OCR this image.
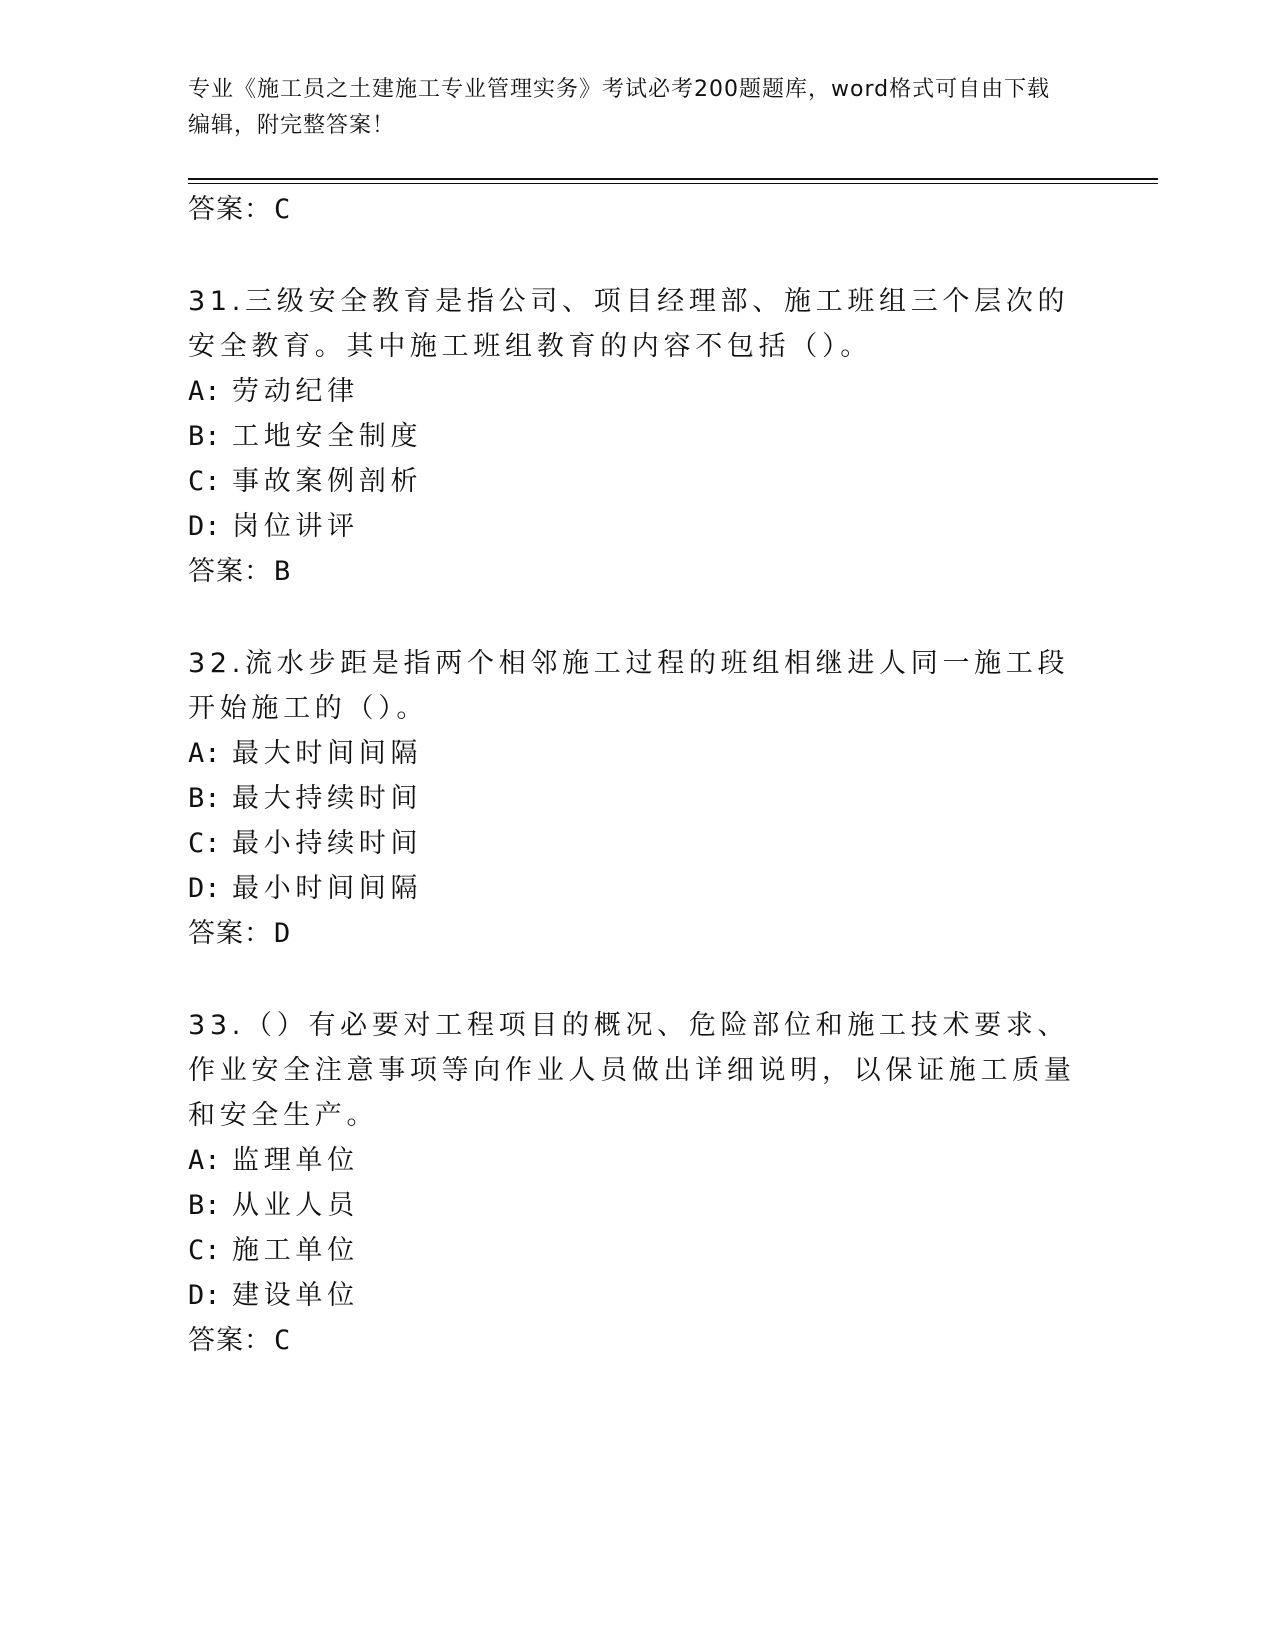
专业《施工员之土建施工专业管理实务》考试必考200题题库，word格式可自由下载编辑，附完整答案！
答案：C
31.三级安全教育是指公司、项目经理部、施工班组三个层次的安全教育。其中施工班组教育的内容不包括（）。
A: 劳动纪律
B: 工地安全制度
C: 事故案例剖析
D: 岗位讲评
答案：B
32.流水步距是指两个相邻施工过程的班组相继进人同一施工段开始施工的（）。
A: 最大时间间隔
B: 最大持续时间
C: 最小持续时间
D: 最小时间间隔
答案：D
33.（）有必要对工程项目的概况、危险部位和施工技术要求、作业安全注意事项等向作业人员做出详细说明，以保证施工质量和安全生产。
A: 监理单位
B: 从业人员
C: 施工单位
D: 建设单位
答案：C
